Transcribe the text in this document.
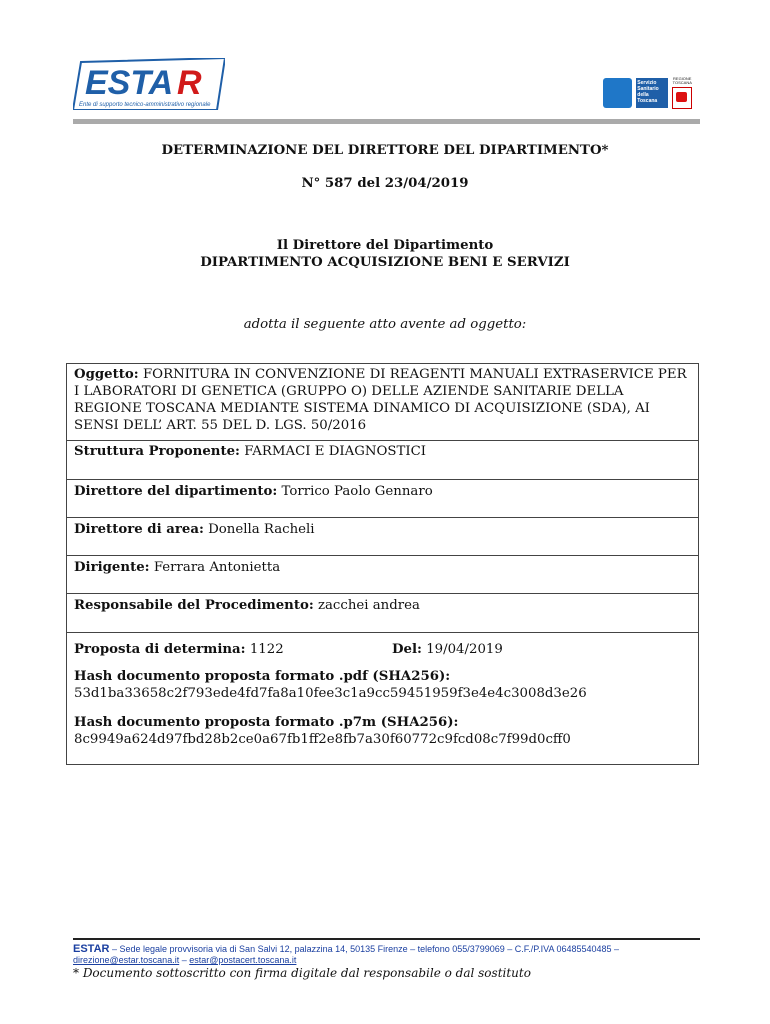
ESTA R
Ente di supporto tecnico-amministrativo regionale
Servizio Sanitario della Toscana
REGIONE TOSCANA
DETERMINAZIONE DEL DIRETTORE DEL DIPARTIMENTO*
N° 587 del 23/04/2019
Il Direttore del Dipartimento
DIPARTIMENTO ACQUISIZIONE BENI E SERVIZI
adotta il seguente atto avente ad oggetto:
Oggetto: FORNITURA IN CONVENZIONE DI REAGENTI MANUALI EXTRASERVICE PER I LABORATORI DI GENETICA (GRUPPO O) DELLE AZIENDE SANITARIE DELLA REGIONE TOSCANA MEDIANTE SISTEMA DINAMICO DI ACQUISIZIONE (SDA), AI SENSI DELL’ ART. 55 DEL D. LGS. 50/2016
Struttura Proponente: FARMACI E DIAGNOSTICI
Direttore del dipartimento: Torrico Paolo Gennaro
Direttore di area: Donella Racheli
Dirigente: Ferrara Antonietta
Responsabile del Procedimento: zacchei andrea
Proposta di determina: 1122	Del: 19/04/2019
Hash documento proposta formato .pdf (SHA256):
53d1ba33658c2f793ede4fd7fa8a10fee3c1a9cc59451959f3e4e4c3008d3e26
Hash documento proposta formato .p7m (SHA256):
8c9949a624d97fbd28b2ce0a67fb1ff2e8fb7a30f60772c9fcd08c7f99d0cff0
ESTAR – Sede legale provvisoria via di San Salvi 12, palazzina 14, 50135 Firenze – telefono 055/3799069 – C.F./P.IVA 06485540485 –
direzione@estar.toscana.it – estar@postacert.toscana.it
* Documento sottoscritto con firma digitale dal responsabile o dal sostituto
